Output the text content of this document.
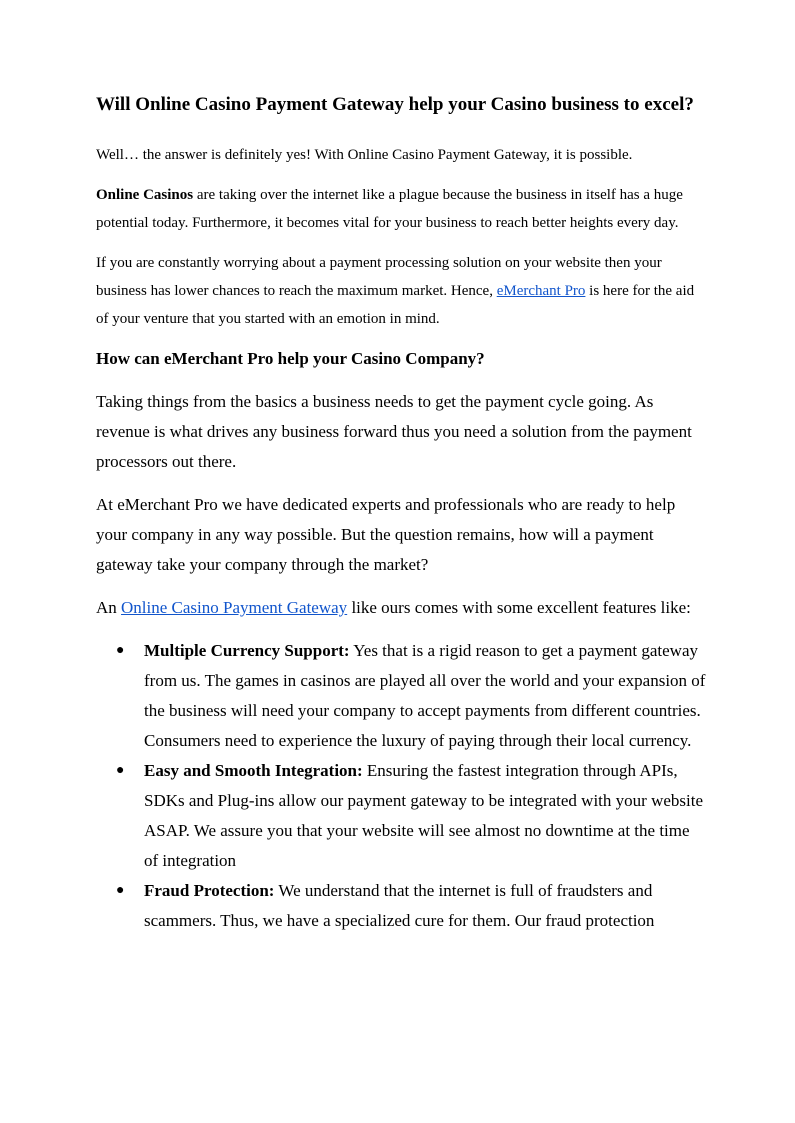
Will Online Casino Payment Gateway help your Casino business to excel?

Well… the answer is definitely yes! With Online Casino Payment Gateway, it is possible.

Online Casinos are taking over the internet like a plague because the business in itself has a huge potential today. Furthermore, it becomes vital for your business to reach better heights every day.

If you are constantly worrying about a payment processing solution on your website then your business has lower chances to reach the maximum market. Hence, eMerchant Pro is here for the aid of your venture that you started with an emotion in mind.

How can eMerchant Pro help your Casino Company?

Taking things from the basics a business needs to get the payment cycle going. As revenue is what drives any business forward thus you need a solution from the payment processors out there.

At eMerchant Pro we have dedicated experts and professionals who are ready to help your company in any way possible. But the question remains, how will a payment gateway take your company through the market?

An Online Casino Payment Gateway like ours comes with some excellent features like:

● Multiple Currency Support: Yes that is a rigid reason to get a payment gateway from us. The games in casinos are played all over the world and your expansion of the business will need your company to accept payments from different countries. Consumers need to experience the luxury of paying through their local currency.
● Easy and Smooth Integration: Ensuring the fastest integration through APIs, SDKs and Plug-ins allow our payment gateway to be integrated with your website ASAP. We assure you that your website will see almost no downtime at the time of integration
● Fraud Protection: We understand that the internet is full of fraudsters and scammers. Thus, we have a specialized cure for them. Our fraud protection
